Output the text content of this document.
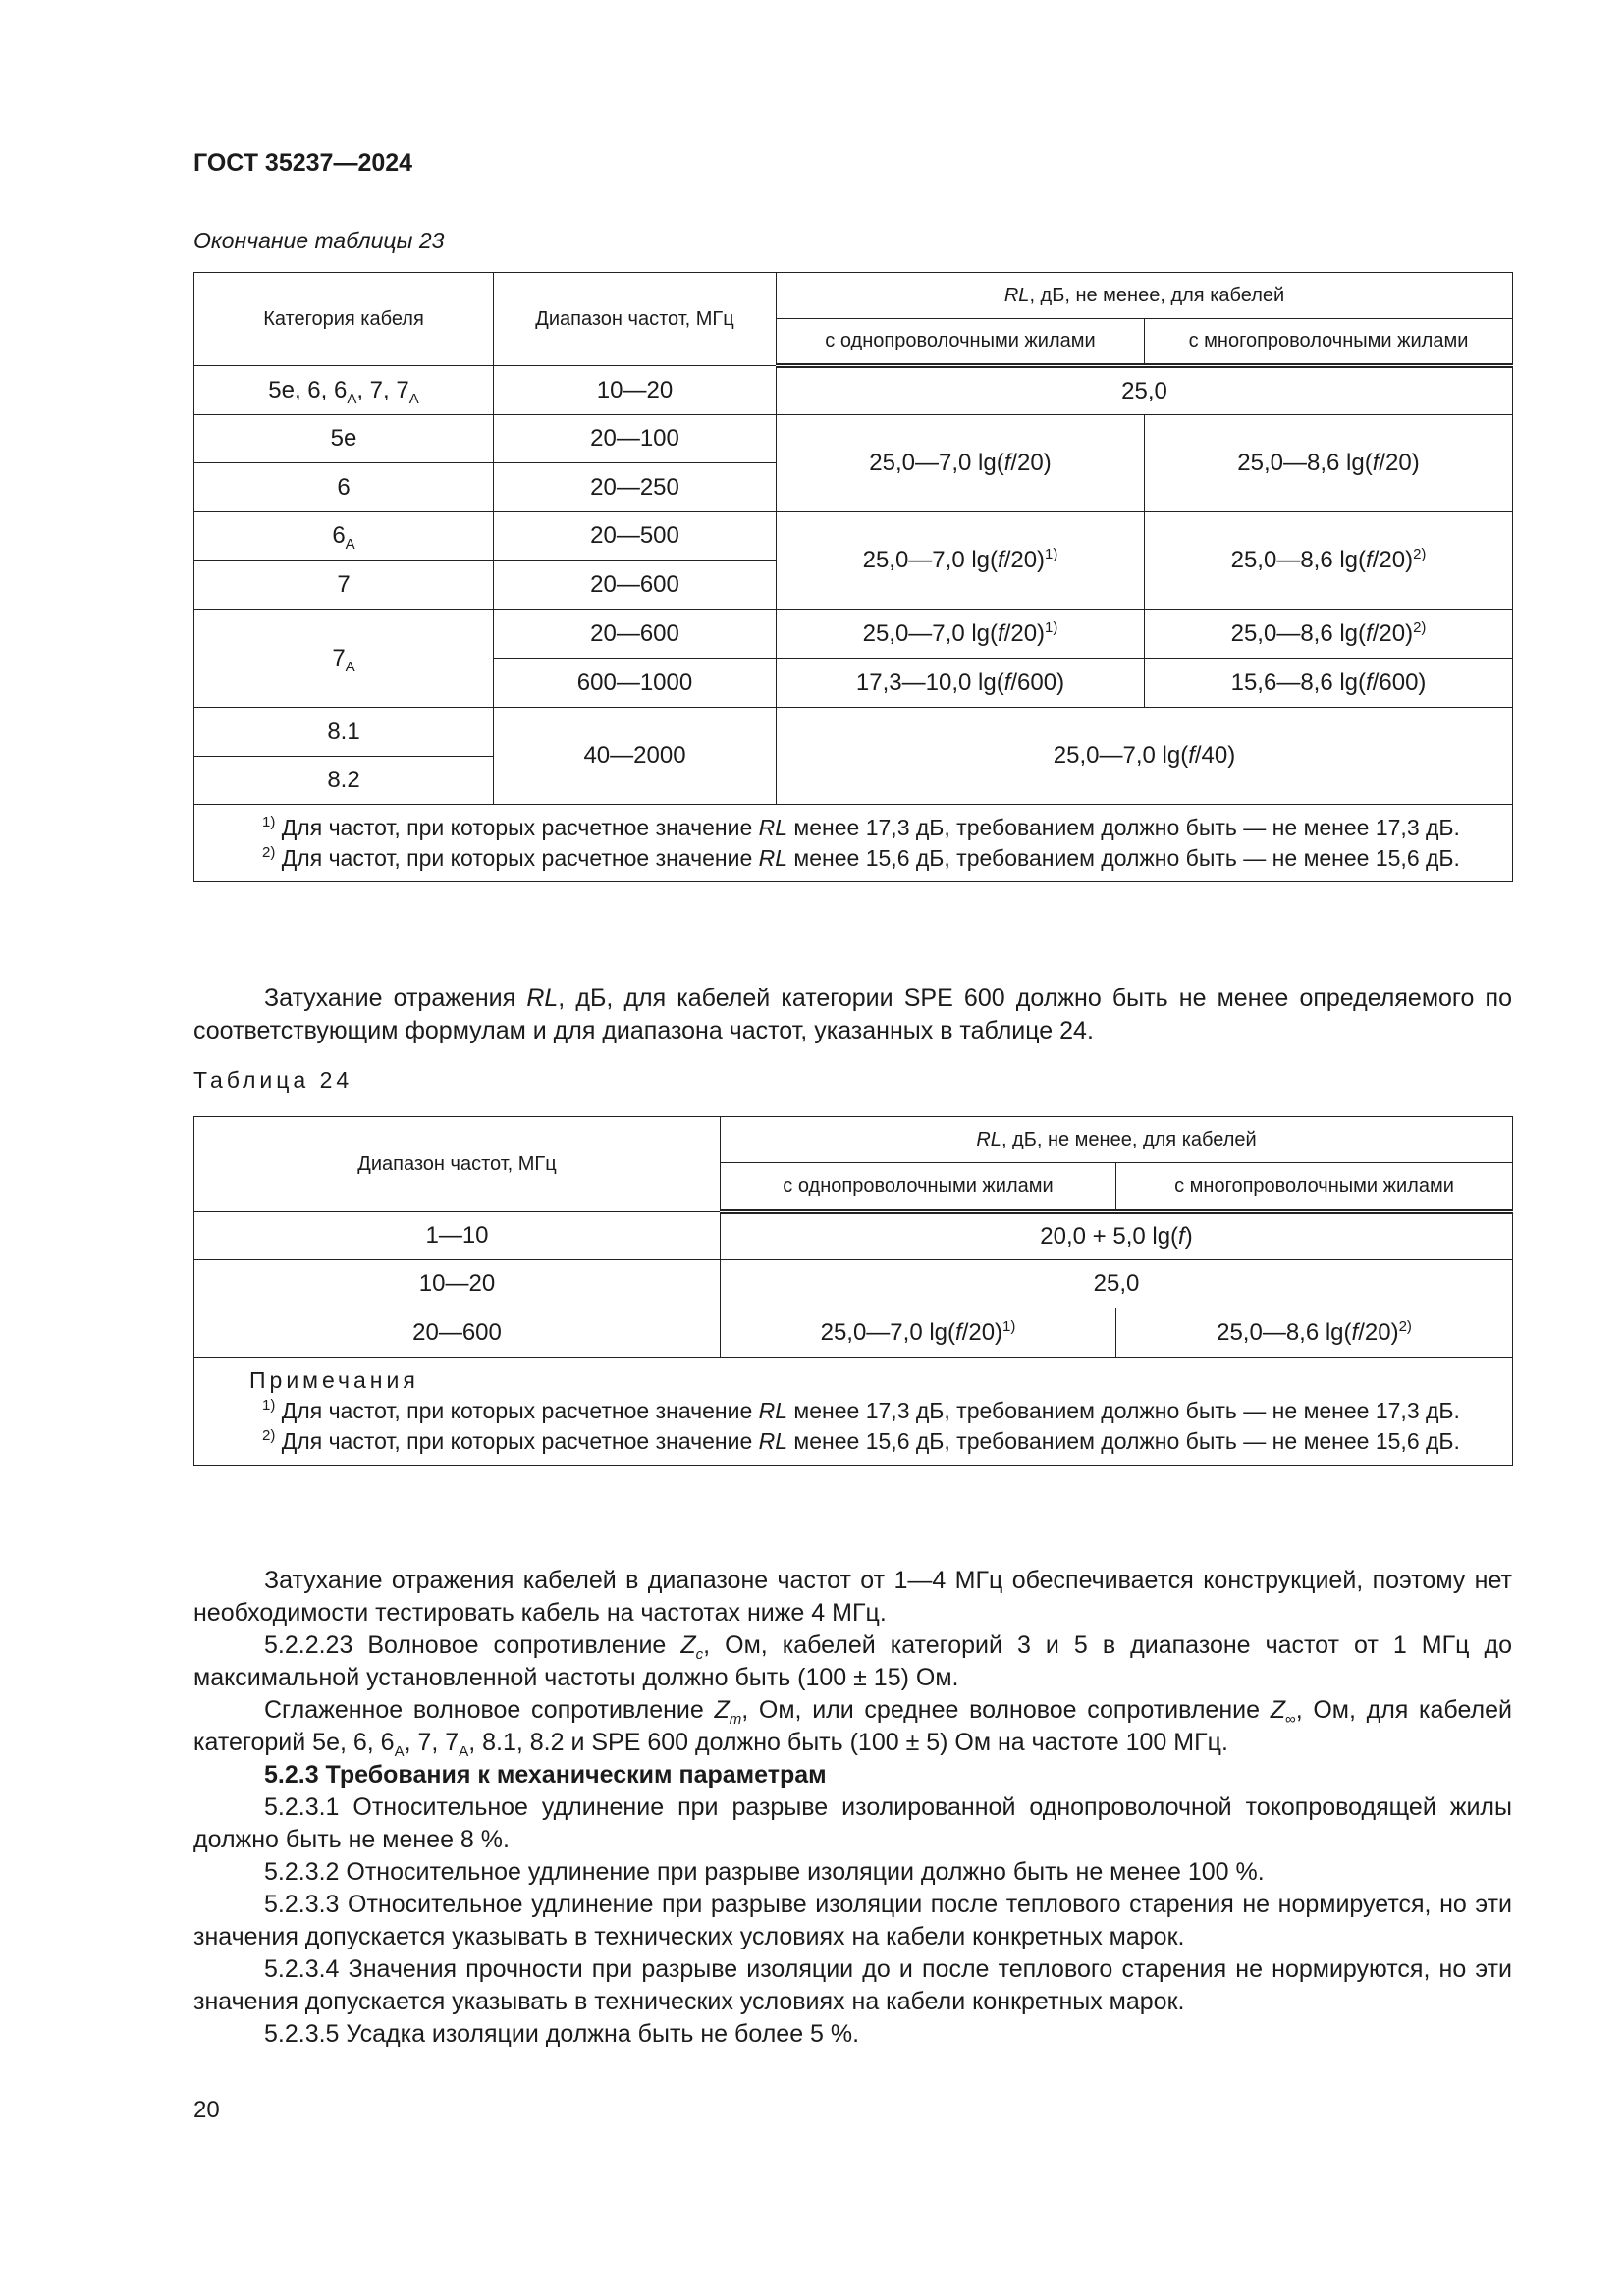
ГОСТ 35237—2024
Окончание таблицы 23
Категория кабеля	Диапазон частот, МГц	RL, дБ, не менее, для кабелей	
		с однопроволочными жилами	с многопроволочными жилами
5е, 6, $6_A$, 7, $7_A$	10—20	25,0	
5е	20—100	25,0—7,0 lg(f/20)	25,0—8,6 lg(f/20)
6	20—250		
$6_A$	20—500	25,0—7,0 $\lg(f/20)^{1)}$	25,0—8,6 $\lg(f/20)^{2)}$
7	20—600		
$7_A$	20—600	25,0—7,0 $\lg(f/20)^{1)}$	25,0—8,6 $\lg(f/20)^{2)}$
	600—1000	17,3—10,0 lg(f/600)	15,6—8,6 lg(f/600)
8.1	40—2000	25,0—7,0 lg(f/40)	
8.2			

$^{1)}$ Для частот, при которых расчетное значение RL менее 17,3 дБ, требованием должно быть — не менее 17,3 дБ.
$^{2)}$ Для частот, при которых расчетное значение RL менее 15,6 дБ, требованием должно быть — не менее 15,6 дБ.			

Затухание отражения RL, дБ, для кабелей категории SPE 600 должно быть не менее определяемого по соответствующим формулам и для диапазона частот, указанных в таблице 24.

Таблица 24
Диапазон частот, МГц	RL, дБ, не менее, для кабелей	
	с однопроволочными жилами	с многопроволочными жилами
1—10	20,0 + 5,0 lg(f)	
10—20	25,0	
20—600	25,0—7,0 $\lg(f/20)^{1)}$	25,0—8,6 $\lg(f/20)^{2)}$

Примечания
$^{1)}$ Для частот, при которых расчетное значение RL менее 17,3 дБ, требованием должно быть — не менее 17,3 дБ.
$^{2)}$ Для частот, при которых расчетное значение RL менее 15,6 дБ, требованием должно быть — не менее 15,6 дБ.		

Затухание отражения кабелей в диапазоне частот от 1—4 МГц обеспечивается конструкцией, поэтому нет необходимости тестировать кабель на частотах ниже 4 МГц.

5.2.2.23 Волновое сопротивление $Z_c$, Ом, кабелей категорий 3 и 5 в диапазоне частот от 1 МГц до максимальной установленной частоты должно быть (100 ± 15) Ом.

Сглаженное волновое сопротивление $Z_m$, Ом, или среднее волновое сопротивление $Z_\infty$, Ом, для кабелей категорий 5е, 6, $6_A$, 7, $7_A$, 8.1, 8.2 и SPE 600 должно быть (100 ± 5) Ом на частоте 100 МГц.

5.2.3 Требования к механическим параметрам

5.2.3.1 Относительное удлинение при разрыве изолированной однопроволочной токопроводящей жилы должно быть не менее 8 %.

5.2.3.2 Относительное удлинение при разрыве изоляции должно быть не менее 100 %.

5.2.3.3 Относительное удлинение при разрыве изоляции после теплового старения не нормируется, но эти значения допускается указывать в технических условиях на кабели конкретных марок.

5.2.3.4 Значения прочности при разрыве изоляции до и после теплового старения не нормируются, но эти значения допускается указывать в технических условиях на кабели конкретных марок.

5.2.3.5 Усадка изоляции должна быть не более 5 %.

20
